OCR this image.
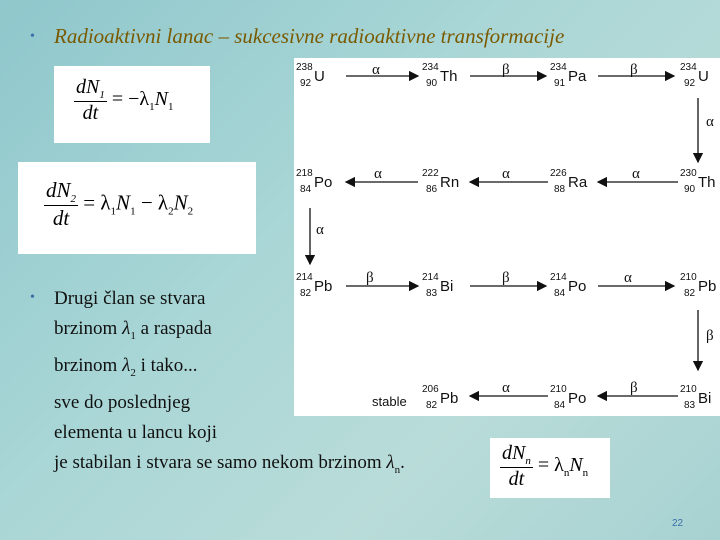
• Radioaktivni lanac – sukcesivne radioaktivne transformacije
$\frac{dN_1}{dt} = -\lambda_1N_1$
$\frac{dN_2}{dt} = \lambda_1N_1 - \lambda_2N_2$
238
92 U
234
90 Th
234
91 Pa
234
92 U
α	β	β
α
218
84 Po
222
86 Rn
226
88 Ra
230
90 Th
α	α	α
α
214
82 Pb
214
83 Bi
214
84 Po
210
82 Pb
β	β	α
β
stable
206
82 Pb
210
84 Po
210
83 Bi
α	β
• Drugi član se stvara
brzinom $\lambda_1$ a raspada
brzinom $\lambda_2$ i tako...
sve do poslednjeg
elementa u lancu koji
je stabilan i stvara se samo nekom brzinom $\lambda_n$.	$\frac{dN_n}{dt} = \lambda_nN_n$
22
